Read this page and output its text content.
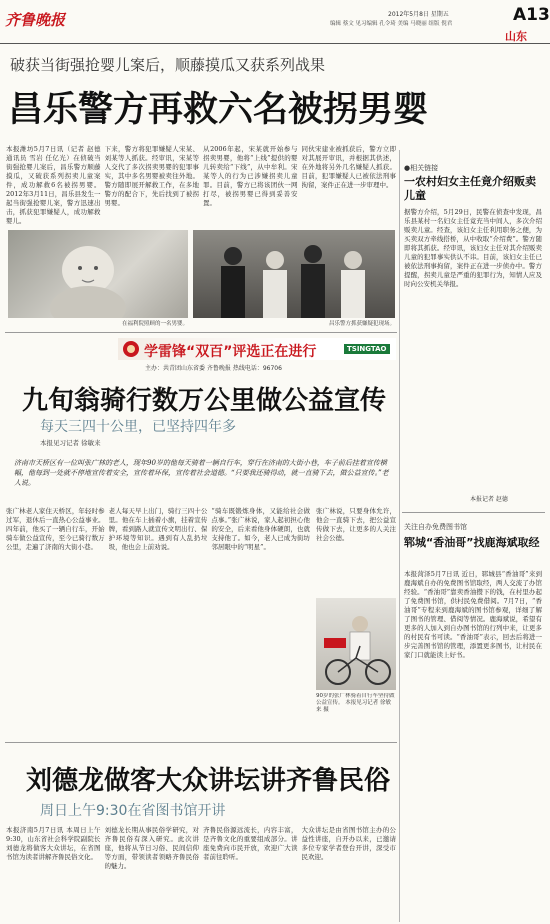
齐鲁晚报	2012年5月8日 星期五
编辑 蔡文 见习编辑 孔令琦 美编 马晓丽 组版 倪君	A13
山东
破获当街强抢婴儿案后，顺藤摸瓜又获系列战果
昌乐警方再救六名被拐男婴
本报潍坊5月7日讯（记者 赵德 通讯员 雪岩 任亿光）在侦破当街强抢婴儿案后，昌乐警方顺藤摸瓜，又破获系列拐卖儿童案件，成功解救6名被拐男婴。 2012年3月11日，昌乐县发生一起当街强抢婴儿案，警方迅速出击，抓获犯罪嫌疑人，成功解救婴儿。
下来，警方将犯罪嫌疑人宋某、刘某等人抓获。经审讯，宋某等人交代了多次拐卖男婴的犯罪事实，其中多名男婴被卖往外地。警方随即展开解救工作，在多地警方的配合下，先后找到了被拐男婴。
从2006年起，宋某就开始参与拐卖男婴，他将“上线”提供的婴儿转卖给“下线”，从中牟利。宋某等人的行为已涉嫌拐卖儿童罪。目前，警方已将该团伙一网打尽，被拐男婴已得到妥善安置。
同伙宋建业被抓获后，警方立即对其展开审讯，并根据其供述，在外地将另外几名嫌疑人抓获。目前，犯罪嫌疑人已被依法刑事拘留，案件正在进一步审理中。
在福利院照顾的一名男婴。	昌乐警方抓获嫌疑犯现场。
●相关链接
一农村妇女主任竟介绍贩卖儿童
据警方介绍，5月29日，民警在侦查中发现，昌乐县某村一名妇女主任竟充当中间人，多次介绍贩卖儿童。经查，该妇女主任利用职务之便，为买卖双方牵线搭桥，从中收取“介绍费”。警方随即将其抓获。经审讯，该妇女主任对其介绍贩卖儿童的犯罪事实供认不讳。目前，该妇女主任已被依法刑事拘留，案件正在进一步侦办中。警方提醒，拐卖儿童是严重的犯罪行为，知情人应及时向公安机关举报。
本报记者 赵德
关注自办免费图书馆
郓城“香油哥”找鹿海斌取经
本报菏泽5月7日讯 近日，郓城县“香油哥”来到鹿海斌自办的免费图书馆取经，两人交流了办馆经验。“香油哥”靠卖香油攒下的钱，在村里办起了免费图书馆，供村民免费借阅。7月7日，“香油哥”专程来到鹿海斌的图书馆参观，详细了解了图书的管理、借阅等情况。鹿海斌说，希望有更多的人加入到自办图书馆的行列中来，让更多的村民有书可读。“香油哥”表示，回去后将进一步完善图书馆的管理，添置更多图书，让村民在家门口就能读上好书。
学雷锋“双百”评选正在进行	TSINGTAO
主办：共青团山东省委 齐鲁晚报 热线电话：96706
九旬翁骑行数万公里做公益宣传
每天三四十公里，已坚持四年多
本报见习记者 徐敏来
济南市天桥区有一位叫张广林的老人，现年90岁的他每天骑着一辆自行车，穿行在济南的大街小巷，车子前后挂着宣传横幅，他每到一处就不停地宣传着安全，宣传着环保，宣传着社会道德。“只要我还骑得动，就一直骑下去，做公益宣传。”老人说。
张广林老人家住天桥区，年轻时参过军，退休后一直热心公益事业。四年前，他买了一辆自行车，开始骑车做公益宣传，至今已骑行数万公里，走遍了济南的大街小巷。
老人每天早上出门，骑行三四十公里。他在车上插着小旗，挂着宣传牌，看到路人就宣传文明出行、保护环境等知识。遇到有人乱扔垃圾，他也会上前劝说。
“骑车既锻炼身体，又能给社会做点事。”张广林说，家人起初担心他的安全，后来看他身体硬朗，也就支持他了。如今，老人已成为街坊邻居眼中的“明星”。
张广林说，只要身体允许，他会一直骑下去，把公益宣传做下去，让更多的人关注社会公德。
90岁的张广林骑着自行车坚持做公益宣传。 本报见习记者 徐敏来 摄
刘德龙做客大众讲坛讲齐鲁民俗
周日上午9:30在省图书馆开讲
本报济南5月7日讯 本周日上午9:30，山东省社会科学院副院长刘德龙将做客大众讲坛，在省图书馆为读者讲解齐鲁民俗文化。
刘德龙长期从事民俗学研究，对齐鲁民俗有深入研究。此次讲座，他将从节日习俗、民间信仰等方面，带领读者领略齐鲁民俗的魅力。
齐鲁民俗源远流长，内容丰富，是齐鲁文化的重要组成部分。讲座免费向市民开放，欢迎广大读者前往聆听。
大众讲坛是由省图书馆主办的公益性讲座，自开办以来，已邀请多位专家学者登台开讲，深受市民欢迎。
